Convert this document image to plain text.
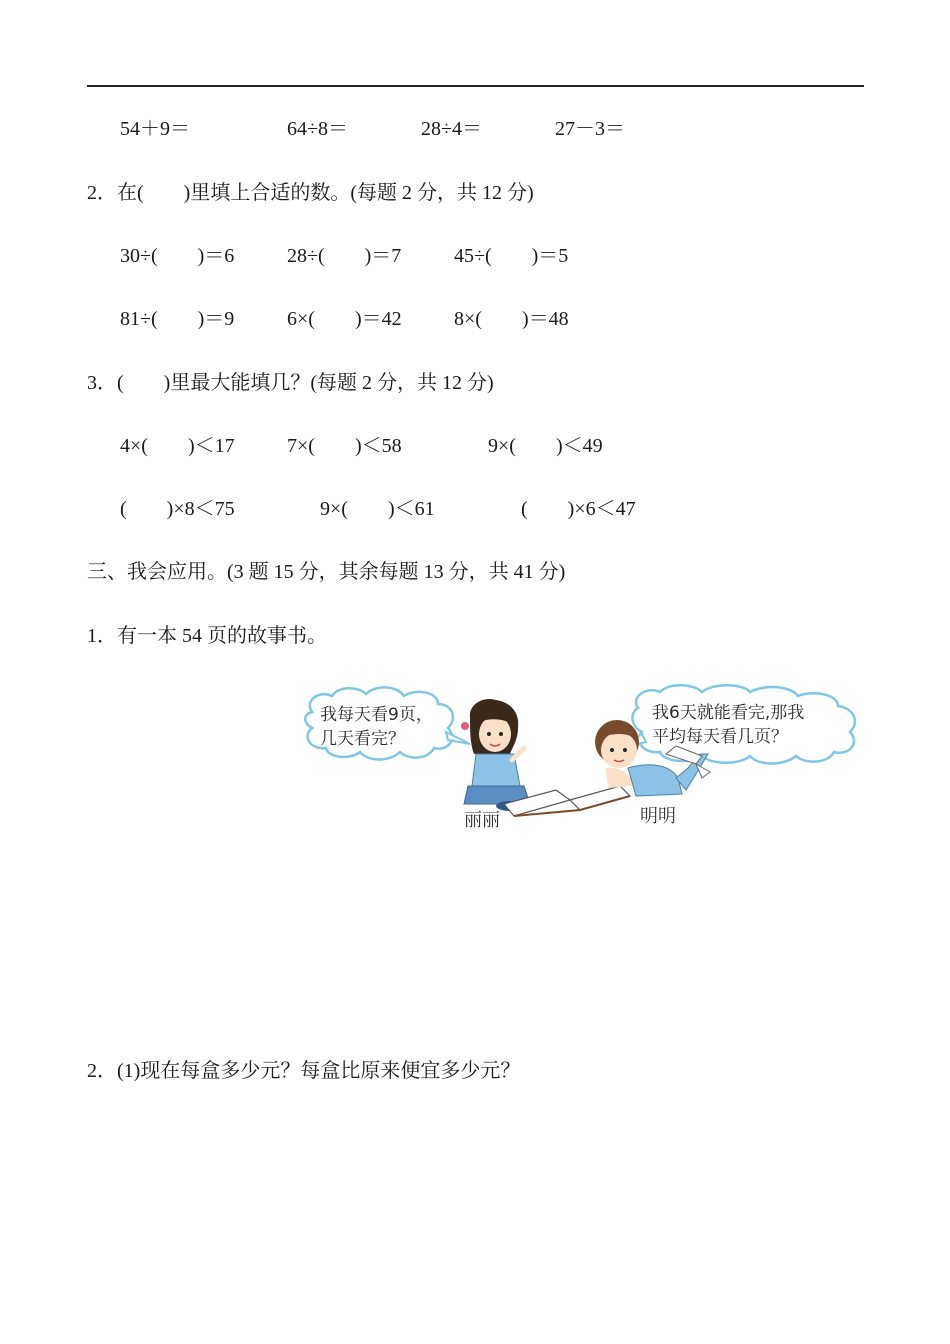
54＋9＝	64÷8＝	28÷4＝	27－3＝
2．在(　　)里填上合适的数。(每题 2 分，共 12 分)
30÷(　　)＝6	28÷(　　)＝7	45÷(　　)＝5
81÷(　　)＝9	6×(　　)＝42	8×(　　)＝48
3．(　　)里最大能填几？(每题 2 分，共 12 分)
4×(　　)＜17	7×(　　)＜58	9×(　　)＜49
(　　)×8＜75	9×(　　)＜61	(　　)×6＜47
三、我会应用。(3 题 15 分，其余每题 13 分，共 41 分)
1．有一本 54 页的故事书。
我每天看9页，
几天看完？
我6天就能看完,那我
平均每天看几页？
丽丽	明明
2．(1)现在每盒多少元？每盒比原来便宜多少元？
